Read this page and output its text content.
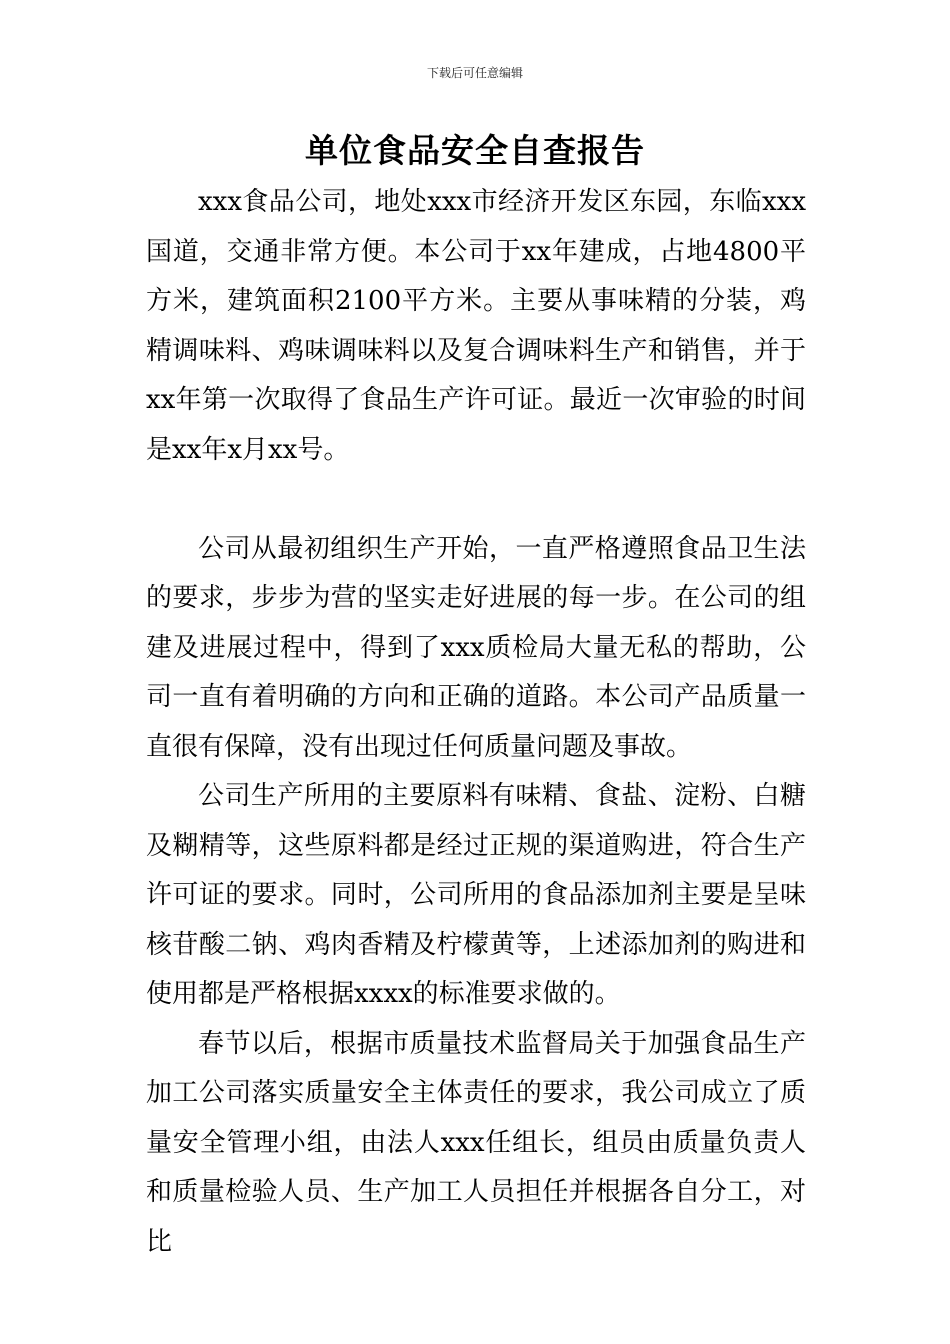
下载后可任意编辑
单位食品安全自查报告

xxx食品公司，地处xxx市经济开发区东园，东临xxx国道，交通非常方便。本公司于xx年建成，占地4800平方米，建筑面积2100平方米。主要从事味精的分装，鸡精调味料、鸡味调味料以及复合调味料生产和销售，并于xx年第一次取得了食品生产许可证。最近一次审验的时间是xx年x月xx号。

公司从最初组织生产开始，一直严格遵照食品卫生法的要求，步步为营的坚实走好进展的每一步。在公司的组建及进展过程中，得到了xxx质检局大量无私的帮助，公司一直有着明确的方向和正确的道路。本公司产品质量一直很有保障，没有出现过任何质量问题及事故。

公司生产所用的主要原料有味精、食盐、淀粉、白糖及糊精等，这些原料都是经过正规的渠道购进，符合生产许可证的要求。同时，公司所用的食品添加剂主要是呈味核苷酸二钠、鸡肉香精及柠檬黄等，上述添加剂的购进和使用都是严格根据xxxx的标准要求做的。

春节以后，根据市质量技术监督局关于加强食品生产加工公司落实质量安全主体责任的要求，我公司成立了质量安全管理小组，由法人xxx任组长，组员由质量负责人和质量检验人员、生产加工人员担任并根据各自分工，对比
